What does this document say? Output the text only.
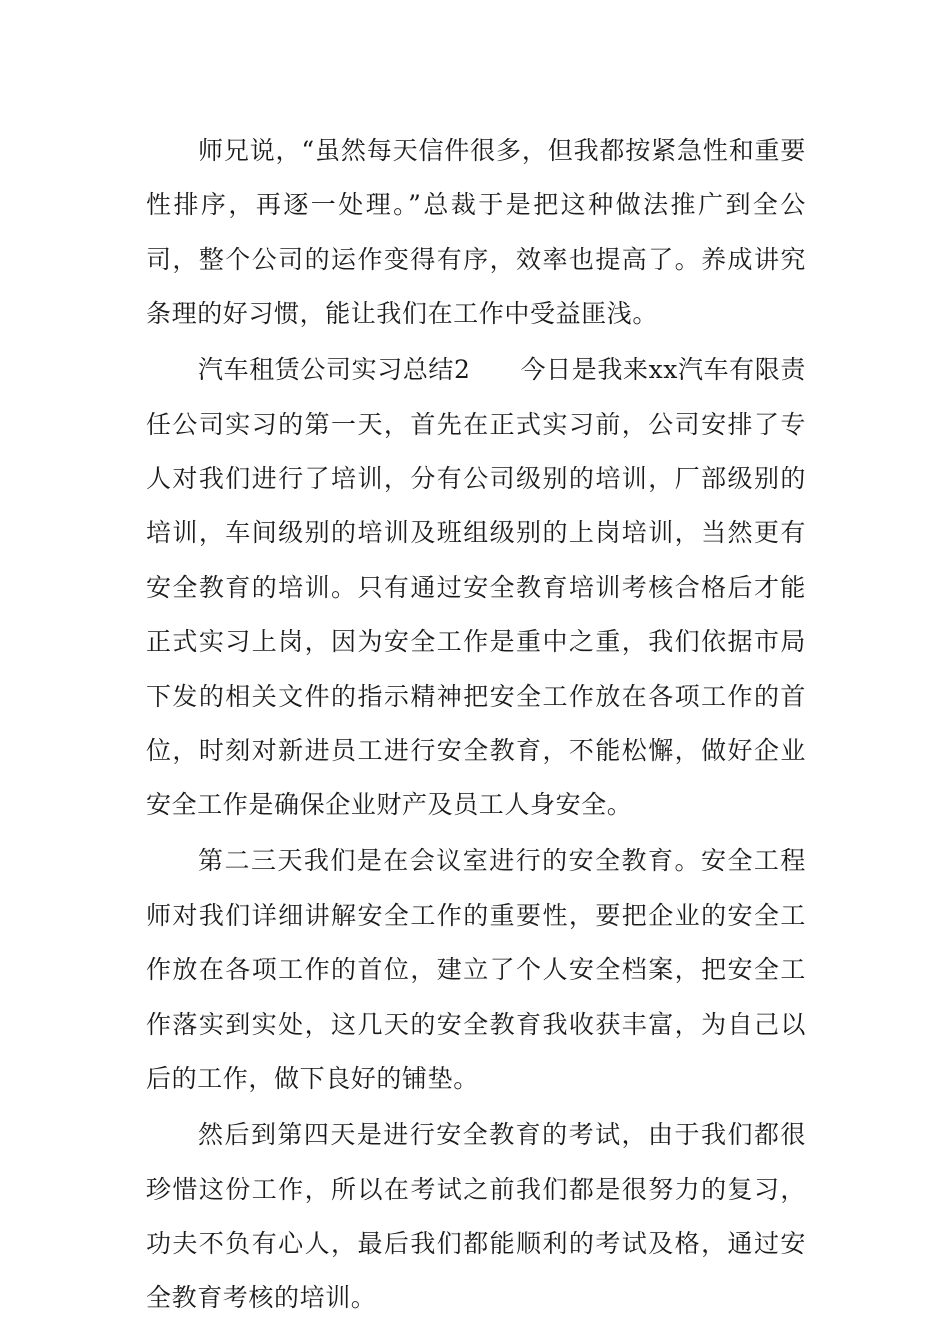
师兄说，“虽然每天信件很多，但我都按紧急性和重要性排序，再逐一处理。”总裁于是把这种做法推广到全公司，整个公司的运作变得有序，效率也提高了。养成讲究条理的好习惯，能让我们在工作中受益匪浅。

汽车租赁公司实习总结2 今日是我来xx汽车有限责任公司实习的第一天，首先在正式实习前，公司安排了专人对我们进行了培训，分有公司级别的培训，厂部级别的培训，车间级别的培训及班组级别的上岗培训，当然更有安全教育的培训。只有通过安全教育培训考核合格后才能正式实习上岗，因为安全工作是重中之重，我们依据市局下发的相关文件的指示精神把安全工作放在各项工作的首位，时刻对新进员工进行安全教育，不能松懈，做好企业安全工作是确保企业财产及员工人身安全。

第二三天我们是在会议室进行的安全教育。安全工程师对我们详细讲解安全工作的重要性，要把企业的安全工作放在各项工作的首位，建立了个人安全档案，把安全工作落实到实处，这几天的安全教育我收获丰富，为自己以后的工作，做下良好的铺垫。

然后到第四天是进行安全教育的考试，由于我们都很珍惜这份工作，所以在考试之前我们都是很努力的复习，功夫不负有心人，最后我们都能顺利的考试及格，通过安全教育考核的培训。
